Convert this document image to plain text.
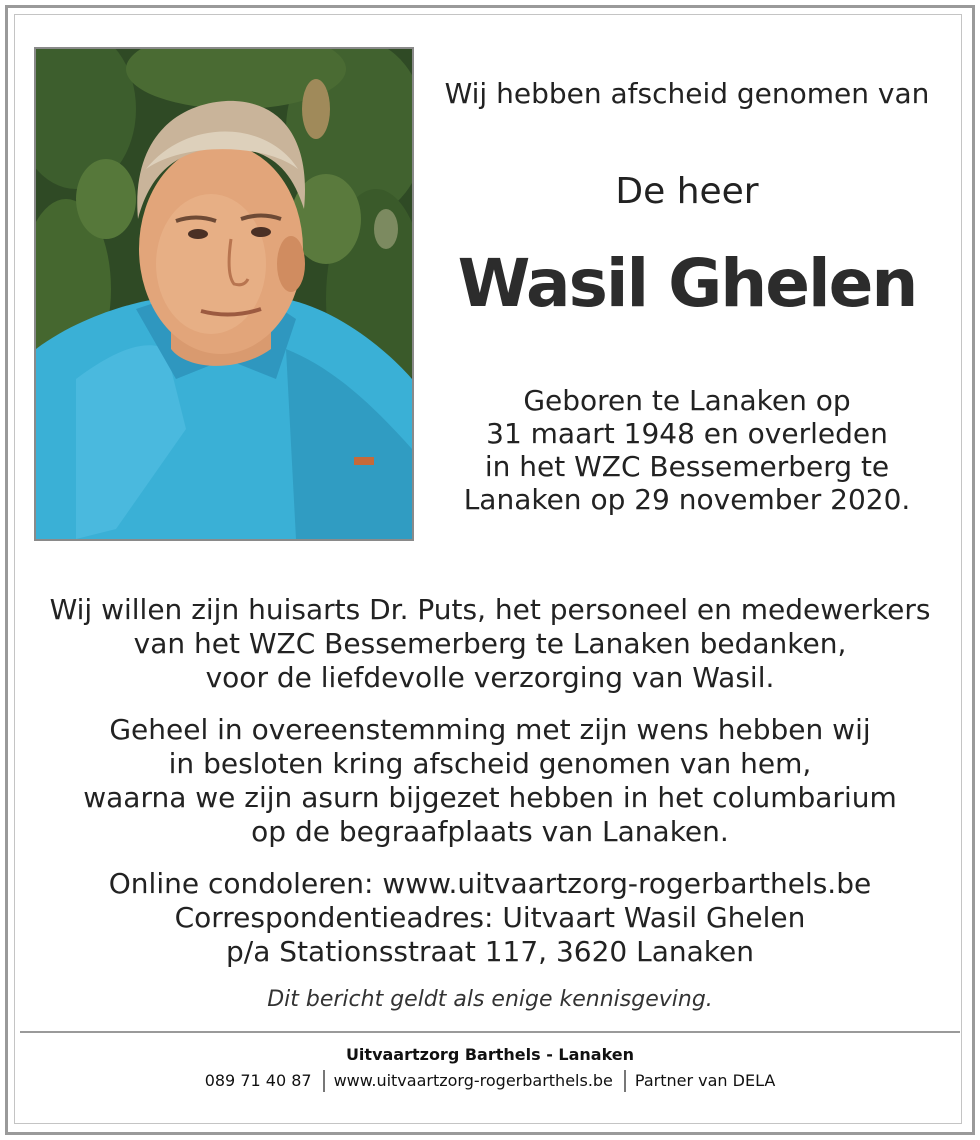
Wij hebben afscheid genomen van
De heer
Wasil Ghelen
Geboren te Lanaken op
31 maart 1948 en overleden
in het WZC Bessemerberg te
Lanaken op 29 november 2020.
Wij willen zijn huisarts Dr. Puts, het personeel en medewerkers
van het WZC Bessemerberg te Lanaken bedanken,
voor de liefdevolle verzorging van Wasil.
Geheel in overeenstemming met zijn wens hebben wij
in besloten kring afscheid genomen van hem,
waarna we zijn asurn bijgezet hebben in het columbarium
op de begraafplaats van Lanaken.
Online condoleren: www.uitvaartzorg-rogerbarthels.be
Correspondentieadres: Uitvaart Wasil Ghelen
p/a Stationsstraat 117, 3620 Lanaken
Dit bericht geldt als enige kennisgeving.
Uitvaartzorg Barthels - Lanaken
089 71 40 87 www.uitvaartzorg-rogerbarthels.be Partner van DELA
